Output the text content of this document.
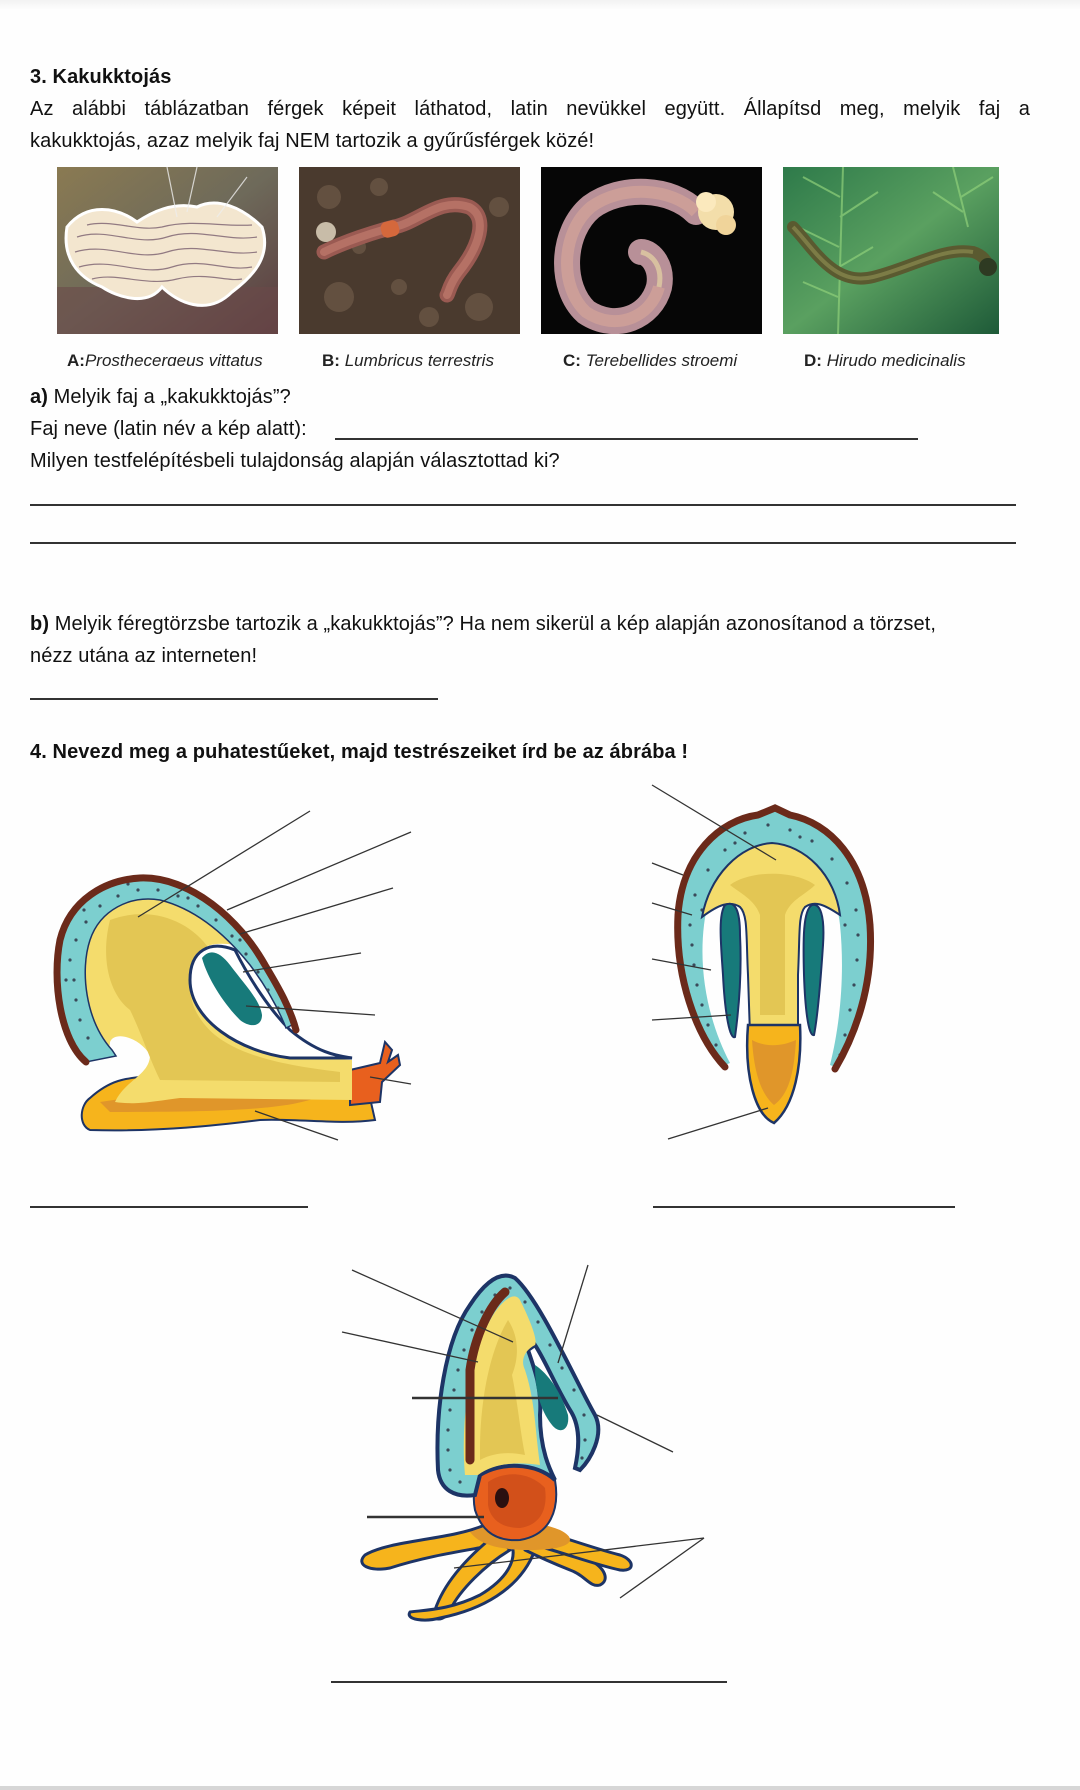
3. Kakukktojás
Az alábbi táblázatban férgek képeit láthatod, latin nevükkel együtt. Állapítsd meg, melyik faj a
kakukktojás, azaz melyik faj NEM tartozik a gyűrűsférgek közé!
A:Prosthecerɑeus vittatus	B: Lumbricus terrestris	C: Terebellides stroemi	D: Hirudo medicinalis
a) Melyik faj a „kakukktojás”?
Faj neve (latin név a kép alatt):
Milyen testfelépítésbeli tulajdonság alapján választottad ki?
b) Melyik féregtörzsbe tartozik a „kakukktojás”? Ha nem sikerül a kép alapján azonosítanod a törzset,
nézz utána az interneten!
4. Nevezd meg a puhatestűeket, majd testrészeiket írd be az ábrába !
